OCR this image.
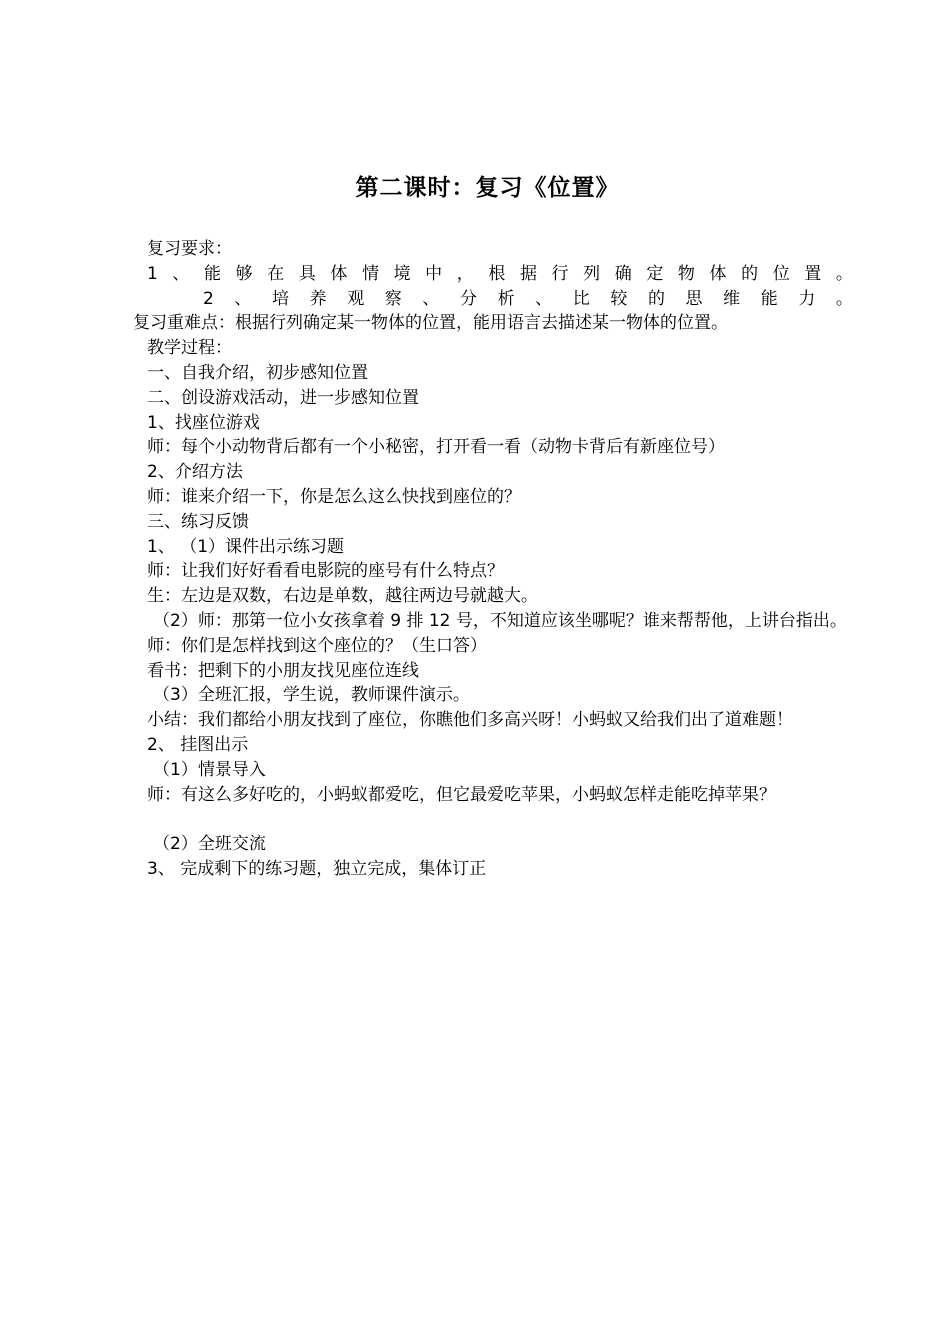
第二课时：复习《位置》
复习要求：
1 、 能 够 在 具 体 情 境 中 ， 根 据 行 列 确 定 物 体 的 位 置 。
2 、 培 养 观 察 、 分 析 、 比 较 的 思 维 能 力 。
复习重难点：根据行列确定某一物体的位置，能用语言去描述某一物体的位置。
教学过程：
一、自我介绍，初步感知位置
二、创设游戏活动，进一步感知位置
1、找座位游戏
师：每个小动物背后都有一个小秘密，打开看一看（动物卡背后有新座位号）
2、介绍方法
师：谁来介绍一下，你是怎么这么快找到座位的？
三、练习反馈
1、 （1）课件出示练习题
师：让我们好好看看电影院的座号有什么特点？
生：左边是双数，右边是单数，越往两边号就越大。
（2）师：那第一位小女孩拿着 9 排 12 号，不知道应该坐哪呢？谁来帮帮他，上讲台指出。
师：你们是怎样找到这个座位的？（生口答）
看书：把剩下的小朋友找见座位连线
（3）全班汇报，学生说，教师课件演示。
小结：我们都给小朋友找到了座位，你瞧他们多高兴呀！小蚂蚁又给我们出了道难题！
2、 挂图出示
（1）情景导入
师：有这么多好吃的，小蚂蚁都爱吃，但它最爱吃苹果，小蚂蚁怎样走能吃掉苹果？
（2）全班交流
3、 完成剩下的练习题，独立完成，集体订正
